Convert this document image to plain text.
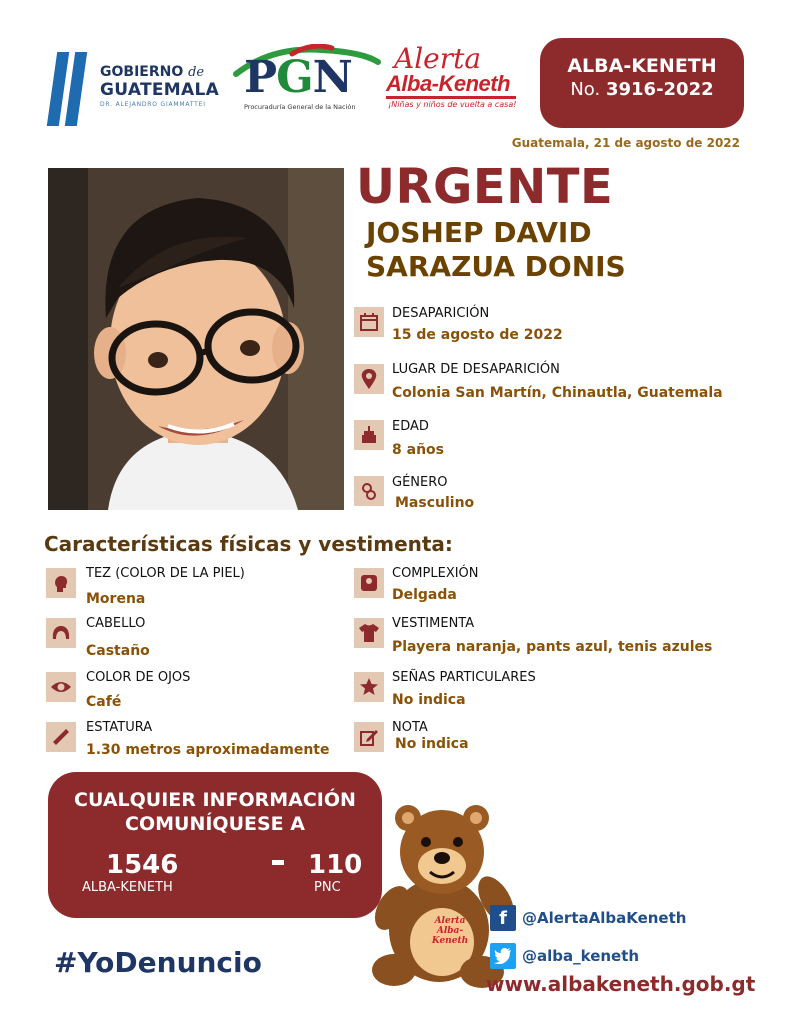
GOBIERNO de
GUATEMALA
DR. ALEJANDRO GIAMMATTEI
PGN
Procuraduría General de la Nación
Alerta
Alba-Keneth
¡Niñas y niños de vuelta a casa!
ALBA-KENETH
No. 3916-2022
Guatemala, 21 de agosto de 2022
URGENTE
JOSHEP DAVID
SARAZUA DONIS
DESAPARICIÓN
15 de agosto de 2022
LUGAR DE DESAPARICIÓN
Colonia San Martín, Chinautla, Guatemala
EDAD
8 años
GÉNERO
Masculino
Características físicas y vestimenta:
TEZ (COLOR DE LA PIEL)
Morena
CABELLO
Castaño
COLOR DE OJOS
Café
ESTATURA
1.30 metros aproximadamente
COMPLEXIÓN
Delgada
VESTIMENTA
Playera naranja, pants azul, tenis azules
SEÑAS PARTICULARES
No indica
NOTA
No indica
CUALQUIER INFORMACIÓN
COMUNÍQUESE A
1546
ALBA-KENETH
110
PNC
#YoDenuncio
Alerta Alba-Keneth
f	@AlertaAlbaKeneth
@alba_keneth
www.albakeneth.gob.gt
